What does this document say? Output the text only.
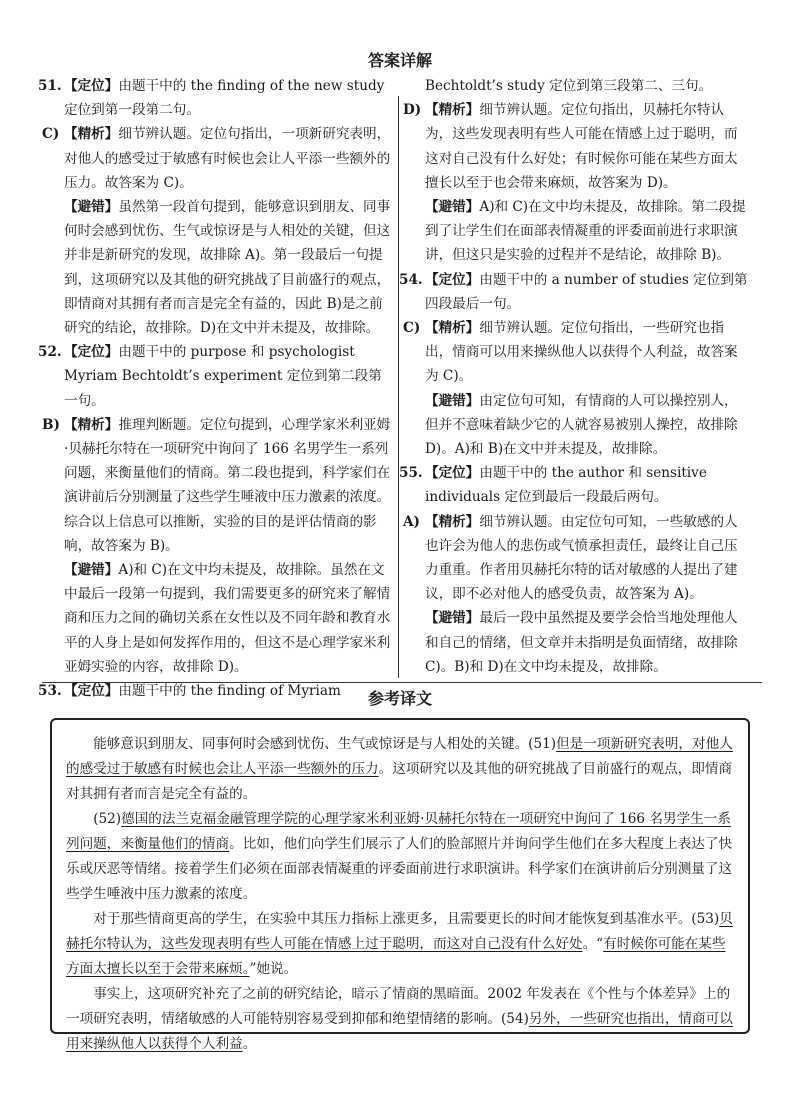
答案详解
51. 【定位】由题干中的 the finding of the new study 定位到第一段第二句。
C) 【精析】细节辨认题。定位句指出，一项新研究表明，对他人的感受过于敏感有时候也会让人平添一些额外的压力。故答案为 C)。
【避错】虽然第一段首句提到，能够意识到朋友、同事何时会感到忧伤、生气或惊讶是与人相处的关键，但这并非是新研究的发现，故排除 A)。第一段最后一句提到，这项研究以及其他的研究挑战了目前盛行的观点，即情商对其拥有者而言是完全有益的，因此 B)是之前研究的结论，故排除。D)在文中并未提及，故排除。
52. 【定位】由题干中的 purpose 和 psychologist Myriam Bechtoldt’s experiment 定位到第二段第一句。
B) 【精析】推理判断题。定位句提到，心理学家米利亚姆·贝赫托尔特在一项研究中询问了 166 名男学生一系列问题，来衡量他们的情商。第二段也提到，科学家们在演讲前后分别测量了这些学生唾液中压力激素的浓度。综合以上信息可以推断，实验的目的是评估情商的影响，故答案为 B)。
【避错】A)和 C)在文中均未提及，故排除。虽然在文中最后一段第一句提到，我们需要更多的研究来了解情商和压力之间的确切关系在女性以及不同年龄和教育水平的人身上是如何发挥作用的，但这不是心理学家米利亚姆实验的内容，故排除 D)。
53. 【定位】由题干中的 the finding of Myriam
Bechtoldt’s study 定位到第三段第二、三句。
D) 【精析】细节辨认题。定位句指出，贝赫托尔特认为，这些发现表明有些人可能在情感上过于聪明，而这对自己没有什么好处；有时候你可能在某些方面太擅长以至于也会带来麻烦，故答案为 D)。
【避错】A)和 C)在文中均未提及，故排除。第二段提到了让学生们在面部表情凝重的评委面前进行求职演讲，但这只是实验的过程并不是结论，故排除 B)。
54. 【定位】由题干中的 a number of studies 定位到第四段最后一句。
C) 【精析】细节辨认题。定位句指出，一些研究也指出，情商可以用来操纵他人以获得个人利益，故答案为 C)。
【避错】由定位句可知，有情商的人可以操控别人，但并不意味着缺少它的人就容易被别人操控，故排除 D)。A)和 B)在文中并未提及，故排除。
55. 【定位】由题干中的 the author 和 sensitive individuals 定位到最后一段最后两句。
A) 【精析】细节辨认题。由定位句可知，一些敏感的人也许会为他人的悲伤或气愤承担责任，最终让自己压力重重。作者用贝赫托尔特的话对敏感的人提出了建议，即不必对他人的感受负责，故答案为 A)。
【避错】最后一段中虽然提及要学会恰当地处理他人和自己的情绪，但文章并未指明是负面情绪，故排除 C)。B)和 D)在文中均未提及，故排除。
参考译文

能够意识到朋友、同事何时会感到忧伤、生气或惊讶是与人相处的关键。(51)但是一项新研究表明，对他人的感受过于敏感有时候也会让人平添一些额外的压力。这项研究以及其他的研究挑战了目前盛行的观点，即情商对其拥有者而言是完全有益的。

(52)德国的法兰克福金融管理学院的心理学家米利亚姆·贝赫托尔特在一项研究中询问了 166 名男学生一系列问题，来衡量他们的情商。比如，他们向学生们展示了人们的脸部照片并询问学生他们在多大程度上表达了快乐或厌恶等情绪。接着学生们必须在面部表情凝重的评委面前进行求职演讲。科学家们在演讲前后分别测量了这些学生唾液中压力激素的浓度。

对于那些情商更高的学生，在实验中其压力指标上涨更多，且需要更长的时间才能恢复到基准水平。(53)贝赫托尔特认为，这些发现表明有些人可能在情感上过于聪明，而这对自己没有什么好处。“有时候你可能在某些方面太擅长以至于会带来麻烦。”她说。

事实上，这项研究补充了之前的研究结论，暗示了情商的黑暗面。2002 年发表在《个性与个体差异》上的一项研究表明，情绪敏感的人可能特别容易受到抑郁和绝望情绪的影响。(54)另外，一些研究也指出，情商可以用来操纵他人以获得个人利益。
